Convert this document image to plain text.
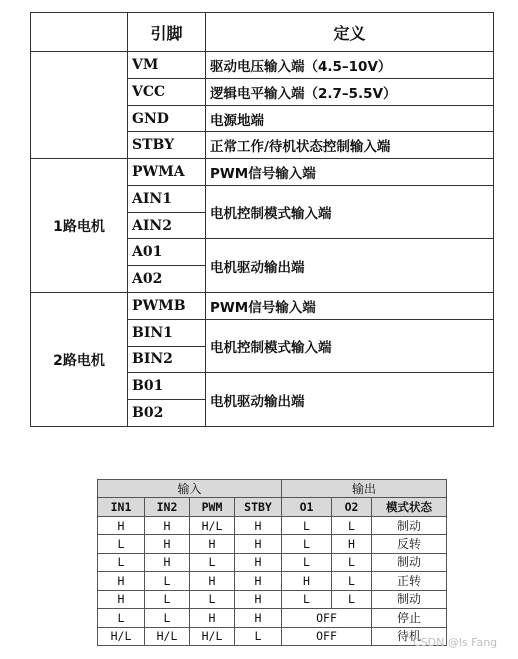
	引脚	定义
	VM	驱动电压输入端（4.5–10V）
	VCC	逻辑电平输入端（2.7–5.5V）
	GND	电源地端
	STBY	正常工作/待机状态控制输入端
1路电机	PWMA	PWM信号输入端
	AIN1	电机控制模式输入端
	AIN2	
	A01	电机驱动输出端
	A02	
2路电机	PWMB	PWM信号输入端
	BIN1	电机控制模式输入端
	BIN2	
	B01	电机驱动输出端
	B02	
输入				输出		
IN1	IN2	PWM	STBY	O1	O2	模式状态
H	H	H/L	H	L	L	制动
L	H	H	H	L	H	反转
L	H	L	H	L	L	制动
H	L	H	H	H	L	正转
H	L	L	H	L	L	制动
L	L	H	H	OFF		停止
H/L	H/L	H/L	L	OFF		待机
CSDN @ls Fang
